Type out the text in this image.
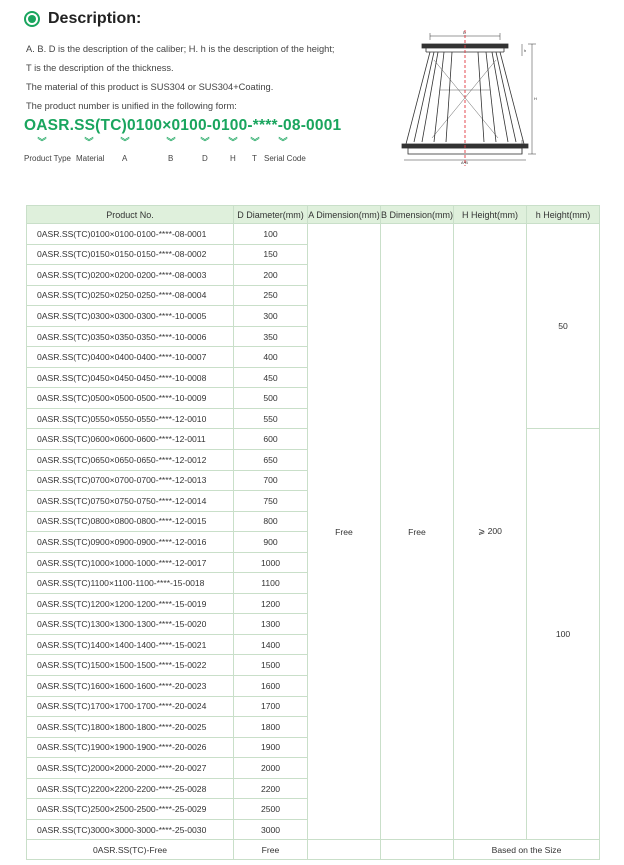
Description:
A. B. D is the description of the caliber; H. h is the description of the height;
T is the description of the thickness.
The material of this product is SUS304 or SUS304+Coating.
The product number is unified in the following form:
OASR.SS(TC)0100×0100-0100-****-08-0001
︾	︾	︾	︾	︾ ︾ ︾ ︾
Product Type Material A	B	D	H T Serial Code
D
H
h
A*B
Product No.	D Diameter(mm)	A Dimension(mm)	B Dimension(mm)	H Height(mm)	h Height(mm)
0ASR.SS(TC)0100×0100-0100-****-08-0001	100	Free	Free	⩾ 200	50
0ASR.SS(TC)0150×0150-0150-****-08-0002	150				
0ASR.SS(TC)0200×0200-0200-****-08-0003	200				
0ASR.SS(TC)0250×0250-0250-****-08-0004	250				
0ASR.SS(TC)0300×0300-0300-****-10-0005	300				
0ASR.SS(TC)0350×0350-0350-****-10-0006	350				
0ASR.SS(TC)0400×0400-0400-****-10-0007	400				
0ASR.SS(TC)0450×0450-0450-****-10-0008	450				
0ASR.SS(TC)0500×0500-0500-****-10-0009	500				
0ASR.SS(TC)0550×0550-0550-****-12-0010	550				
0ASR.SS(TC)0600×0600-0600-****-12-0011	600				100
0ASR.SS(TC)0650×0650-0650-****-12-0012	650				
0ASR.SS(TC)0700×0700-0700-****-12-0013	700				
0ASR.SS(TC)0750×0750-0750-****-12-0014	750				
0ASR.SS(TC)0800×0800-0800-****-12-0015	800				
0ASR.SS(TC)0900×0900-0900-****-12-0016	900				
0ASR.SS(TC)1000×1000-1000-****-12-0017	1000				
0ASR.SS(TC)1100×1100-1100-****-15-0018	1100				
0ASR.SS(TC)1200×1200-1200-****-15-0019	1200				
0ASR.SS(TC)1300×1300-1300-****-15-0020	1300				
0ASR.SS(TC)1400×1400-1400-****-15-0021	1400				
0ASR.SS(TC)1500×1500-1500-****-15-0022	1500				
0ASR.SS(TC)1600×1600-1600-****-20-0023	1600				
0ASR.SS(TC)1700×1700-1700-****-20-0024	1700				
0ASR.SS(TC)1800×1800-1800-****-20-0025	1800				
0ASR.SS(TC)1900×1900-1900-****-20-0026	1900				
0ASR.SS(TC)2000×2000-2000-****-20-0027	2000				
0ASR.SS(TC)2200×2200-2200-****-25-0028	2200				
0ASR.SS(TC)2500×2500-2500-****-25-0029	2500				
0ASR.SS(TC)3000×3000-3000-****-25-0030	3000				
0ASR.SS(TC)-Free	Free			Based on the Size	
